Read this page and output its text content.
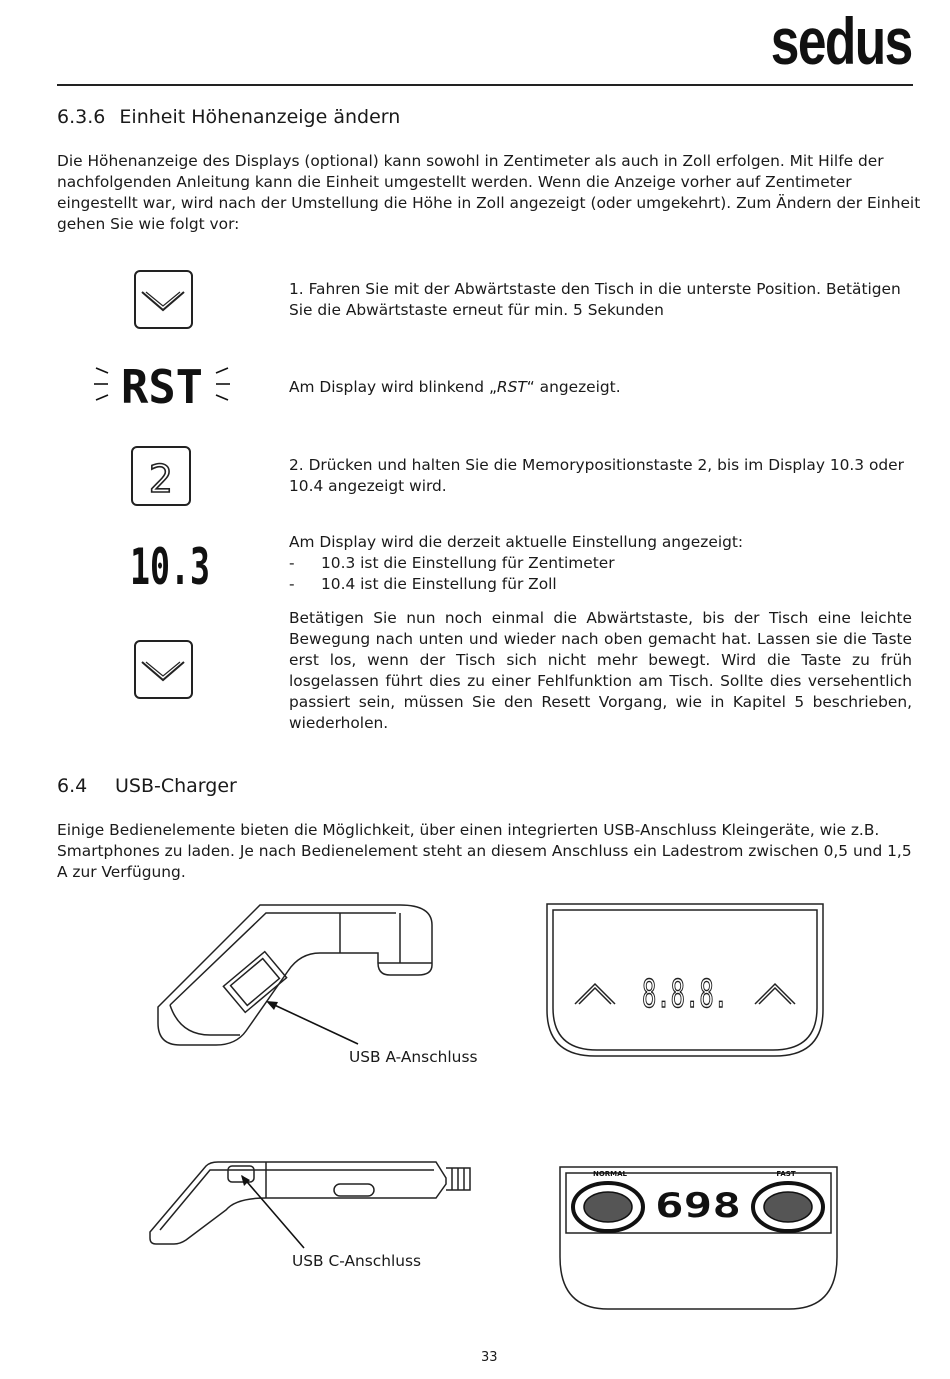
sedus
6.3.6 Einheit Höhenanzeige ändern
Die Höhenanzeige des Displays (optional) kann sowohl in Zentimeter als auch in Zoll erfolgen. Mit Hilfe der nachfolgenden Anleitung kann die Einheit umgestellt werden. Wenn die Anzeige vorher auf Zentimeter eingestellt war, wird nach der Umstellung die Höhe in Zoll angezeigt (oder umgekehrt). Zum Ändern der Einheit gehen Sie wie folgt vor:
1. Fahren Sie mit der Abwärtstaste den Tisch in die unterste Position. Betätigen Sie die Abwärtstaste erneut für min. 5 Sekunden
RST	Am Display wird blinkend „RST“ angezeigt.
2	2. Drücken und halten Sie die Memorypositionstaste 2, bis im Display 10.3 oder 10.4 angezeigt wird.
10.3	Am Display wird die derzeit aktuelle Einstellung angezeigt:
- 10.3 ist die Einstellung für Zentimeter
- 10.4 ist die Einstellung für Zoll
Betätigen Sie nun noch einmal die Abwärtstaste, bis der Tisch eine leichte Bewegung nach unten und wieder nach oben gemacht hat. Lassen sie die Taste erst los, wenn der Tisch sich nicht mehr bewegt. Wird die Taste zu früh losgelassen führt dies zu einer Fehlfunktion am Tisch. Sollte dies versehentlich passiert sein, müssen Sie den Resett Vorgang, wie in Kapitel 5 beschrieben, wiederholen.
6.4 USB-Charger
Einige Bedienelemente bieten die Möglichkeit, über einen integrierten USB-Anschluss Kleingeräte, wie z.B. Smartphones zu laden. Je nach Bedienelement steht an diesem Anschluss ein Ladestrom zwischen 0,5 und 1,5 A zur Verfügung.
USB A-Anschluss
8.8.8.
USB C-Anschluss
NORMAL	FAST
698
33
